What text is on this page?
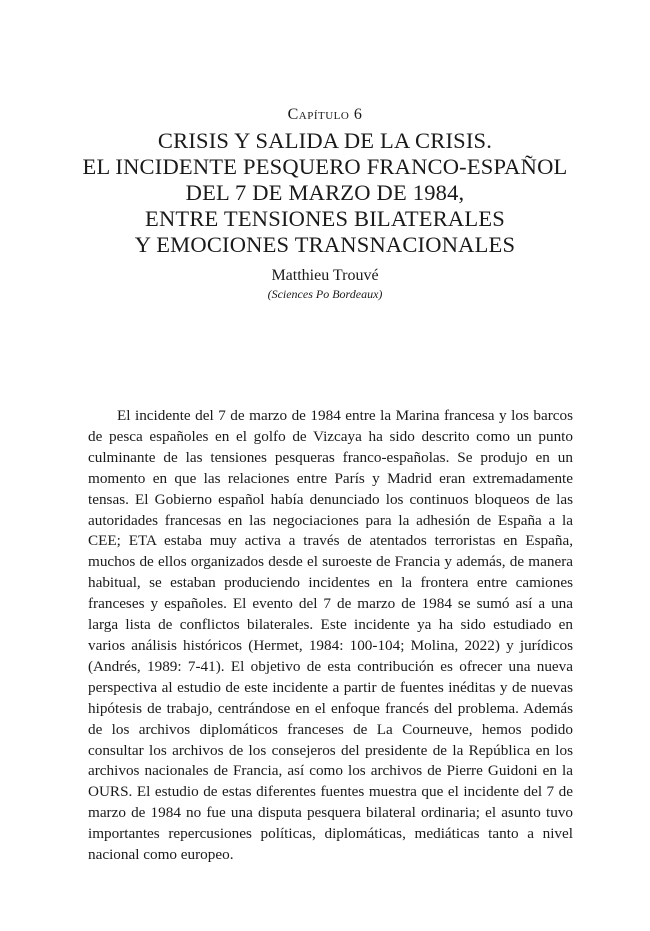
Capítulo 6
CRISIS Y SALIDA DE LA CRISIS.
EL INCIDENTE PESQUERO FRANCO-ESPAÑOL
DEL 7 DE MARZO DE 1984,
ENTRE TENSIONES BILATERALES
Y EMOCIONES TRANSNACIONALES
Matthieu Trouvé
(Sciences Po Bordeaux)

El incidente del 7 de marzo de 1984 entre la Marina francesa y los barcos de pesca españoles en el golfo de Vizcaya ha sido descrito como un punto culminante de las tensiones pesqueras franco-españolas. Se produjo en un momento en que las relaciones entre París y Madrid eran extremadamente tensas. El Gobierno español había denunciado los continuos bloqueos de las autoridades francesas en las negociaciones para la adhesión de España a la CEE; ETA estaba muy activa a través de atentados terroristas en España, muchos de ellos organizados desde el suroeste de Francia y además, de manera habitual, se estaban produciendo incidentes en la frontera entre camiones franceses y españoles. El evento del 7 de marzo de 1984 se sumó así a una larga lista de conflictos bilaterales. Este incidente ya ha sido estudiado en varios análisis históricos (Hermet, 1984: 100-104; Molina, 2022) y jurídicos (Andrés, 1989: 7-41). El objetivo de esta contribución es ofrecer una nueva perspectiva al estudio de este incidente a partir de fuentes inéditas y de nuevas hipótesis de trabajo, centrándose en el enfoque francés del problema. Además de los archivos diplomáticos franceses de La Courneuve, hemos podido consultar los archivos de los consejeros del presidente de la República en los archivos nacionales de Francia, así como los archivos de Pierre Guidoni en la OURS. El estudio de estas diferentes fuentes muestra que el incidente del 7 de marzo de 1984 no fue una disputa pesquera bilateral ordinaria; el asunto tuvo importantes repercusiones políticas, diplomáticas, mediáticas tanto a nivel nacional como europeo.
